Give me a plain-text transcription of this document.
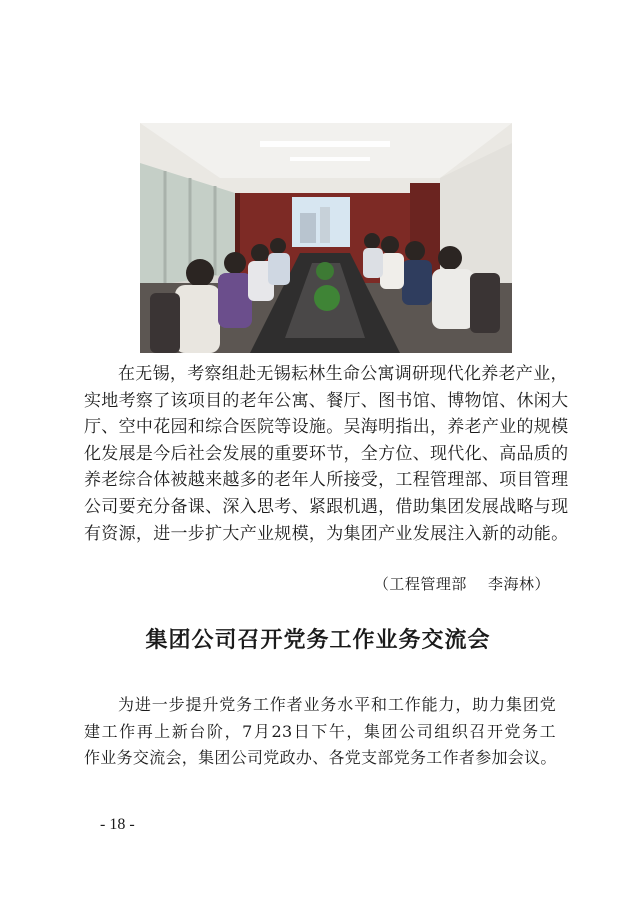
在无锡，考察组赴无锡耘林生命公寓调研现代化养老产业，
实地考察了该项目的老年公寓、餐厅、图书馆、博物馆、休闲大
厅、空中花园和综合医院等设施。吴海明指出，养老产业的规模
化发展是今后社会发展的重要环节，全方位、现代化、高品质的
养老综合体被越来越多的老年人所接受，工程管理部、项目管理
公司要充分备课、深入思考、紧跟机遇，借助集团发展战略与现
有资源，进一步扩大产业规模，为集团产业发展注入新的动能。
（工程管理部    李海林）
集团公司召开党务工作业务交流会
为进一步提升党务工作者业务水平和工作能力，助力集团党
建工作再上新台阶，7月23日下午，集团公司组织召开党务工
作业务交流会，集团公司党政办、各党支部党务工作者参加会议。
- 18 -
